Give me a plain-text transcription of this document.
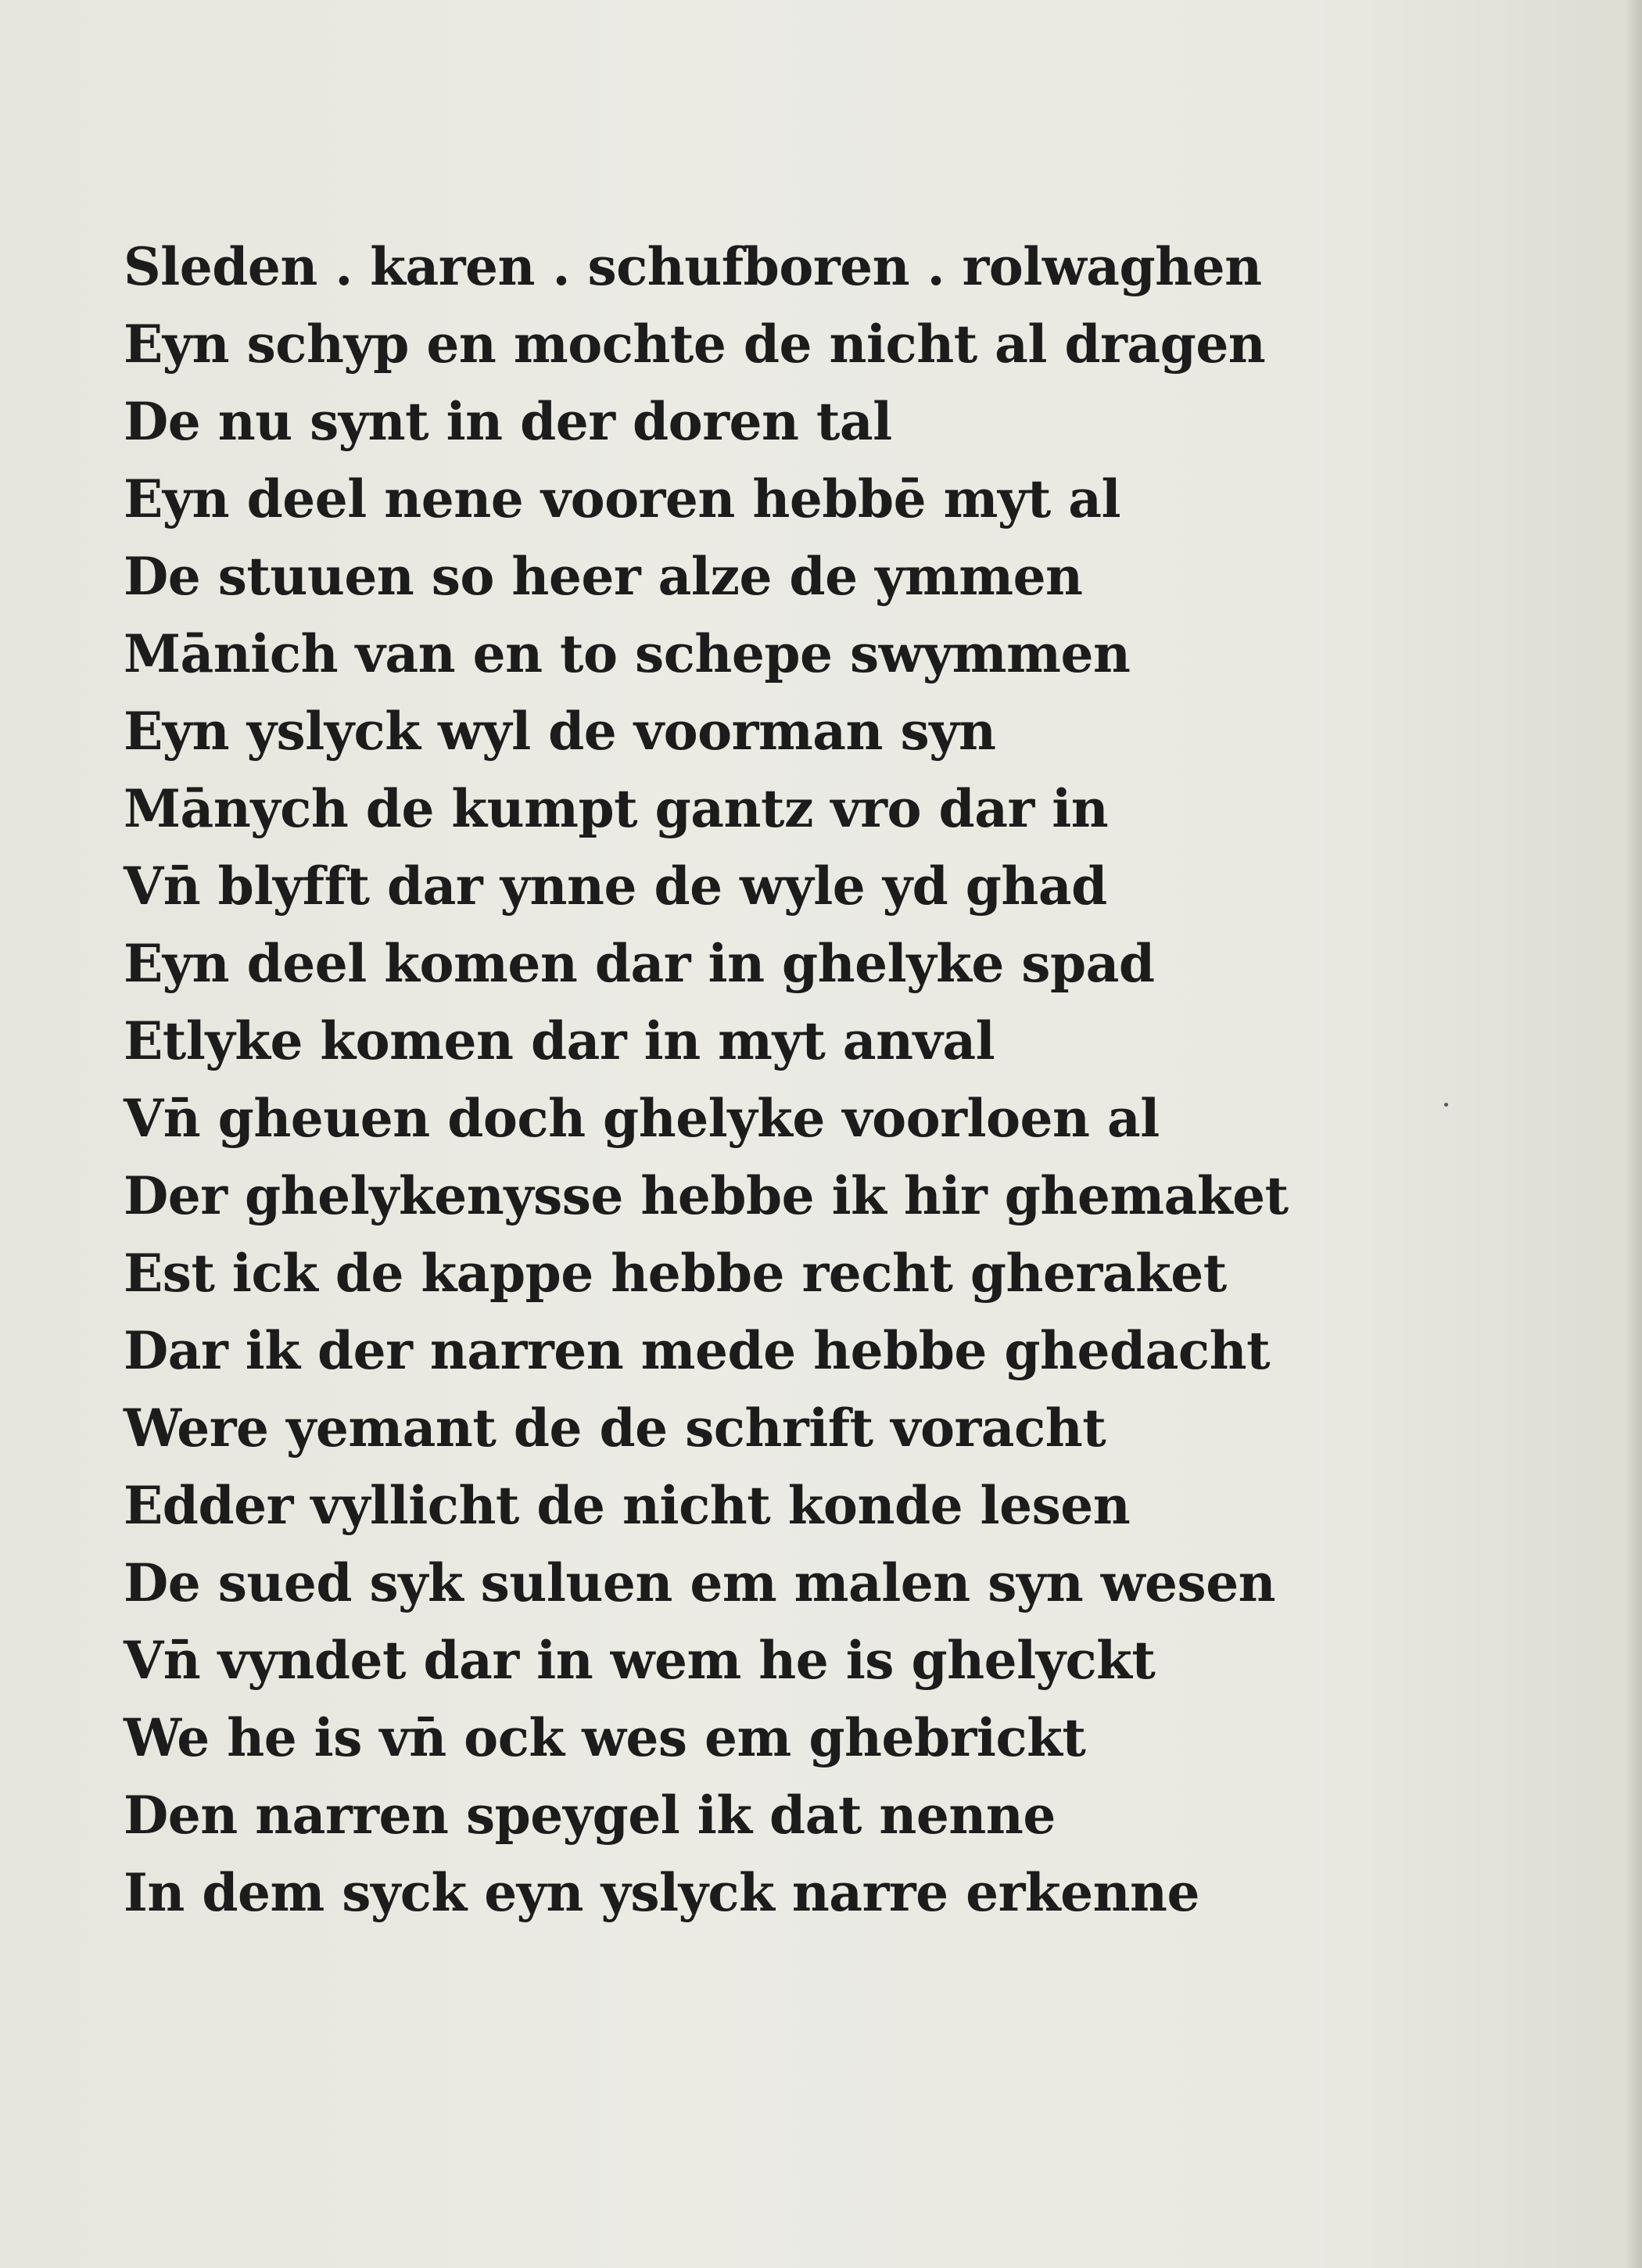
Sleden . karen . schufboren . rolwaghen
Eyn schyp en mochte de nicht al dragen
De nu synt in der doren tal
Eyn deel nene vooren hebbē myt al
De stuuen so heer alze de ymmen
Mānich van en to schepe swymmen
Eyn yslyck wyl de voorman syn
Mānych de kumpt gantz vro dar in
Vn̄ blyfft dar ynne de wyle yd ghad
Eyn deel komen dar in ghelyke spad
Etlyke komen dar in myt anval
Vn̄ gheuen doch ghelyke voorloen al
Der ghelykenysse hebbe ik hir ghemaket
Est ick de kappe hebbe recht gheraket
Dar ik der narren mede hebbe ghedacht
Were yemant de de schrift voracht
Edder vyllicht de nicht konde lesen
De sued syk suluen em malen syn wesen
Vn̄ vyndet dar in wem he is ghelyckt
We he is vn̄ ock wes em ghebrickt
Den narren speygel ik dat nenne
In dem syck eyn yslyck narre erkenne
